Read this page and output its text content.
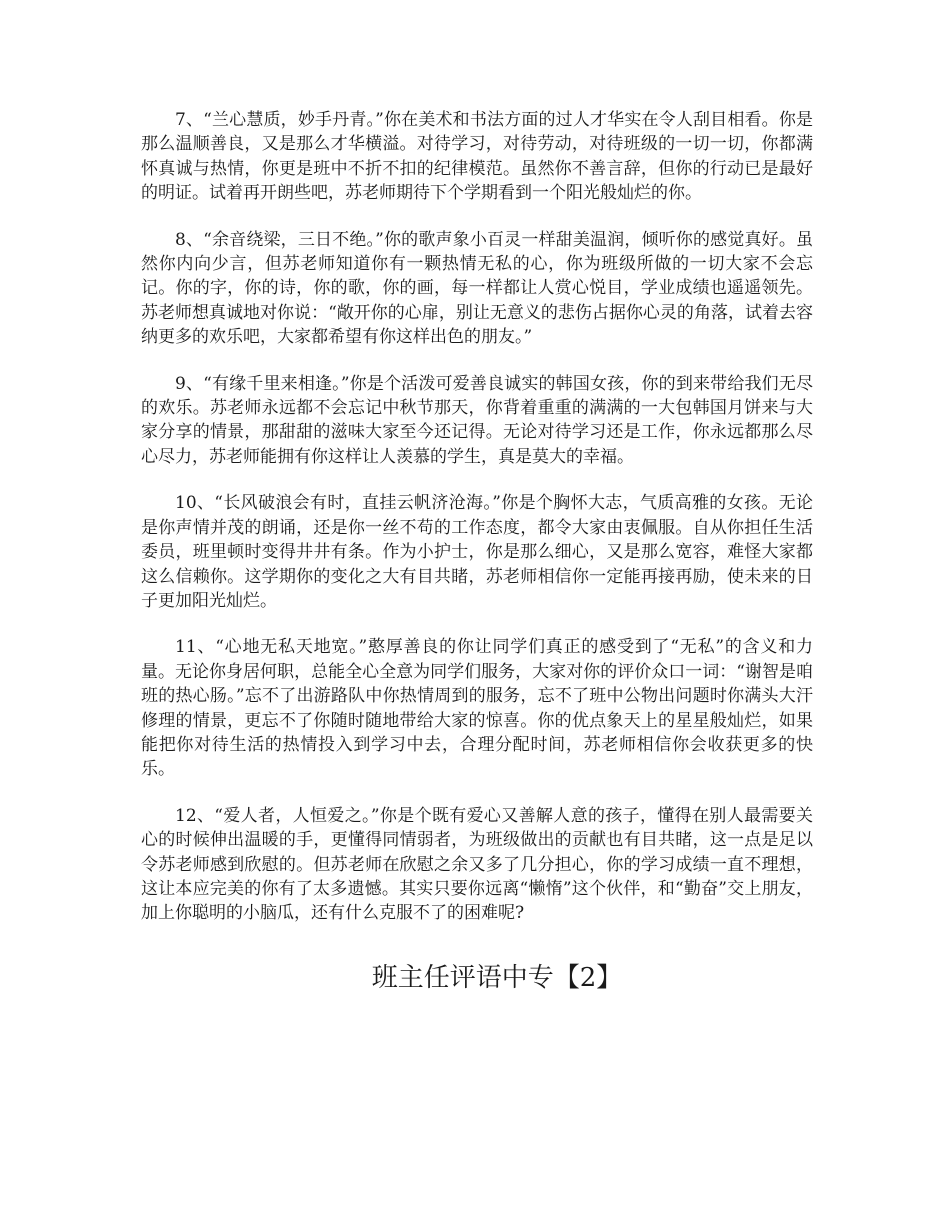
7、“兰心慧质，妙手丹青。”你在美术和书法方面的过人才华实在令人刮目相看。你是那么温顺善良，又是那么才华横溢。对待学习，对待劳动，对待班级的一切一切，你都满怀真诚与热情，你更是班中不折不扣的纪律模范。虽然你不善言辞，但你的行动已是最好的明证。试着再开朗些吧，苏老师期待下个学期看到一个阳光般灿烂的你。

8、“余音绕梁，三日不绝。”你的歌声象小百灵一样甜美温润，倾听你的感觉真好。虽然你内向少言，但苏老师知道你有一颗热情无私的心，你为班级所做的一切大家不会忘记。你的字，你的诗，你的歌，你的画，每一样都让人赏心悦目，学业成绩也遥遥领先。苏老师想真诚地对你说：“敞开你的心扉，别让无意义的悲伤占据你心灵的角落，试着去容纳更多的欢乐吧，大家都希望有你这样出色的朋友。”

9、“有缘千里来相逢。”你是个活泼可爱善良诚实的韩国女孩，你的到来带给我们无尽的欢乐。苏老师永远都不会忘记中秋节那天，你背着重重的满满的一大包韩国月饼来与大家分享的情景，那甜甜的滋味大家至今还记得。无论对待学习还是工作，你永远都那么尽心尽力，苏老师能拥有你这样让人羡慕的学生，真是莫大的幸福。

10、“长风破浪会有时，直挂云帆济沧海。”你是个胸怀大志，气质高雅的女孩。无论是你声情并茂的朗诵，还是你一丝不苟的工作态度，都令大家由衷佩服。自从你担任生活委员，班里顿时变得井井有条。作为小护士，你是那么细心，又是那么宽容，难怪大家都这么信赖你。这学期你的变化之大有目共睹，苏老师相信你一定能再接再励，使未来的日子更加阳光灿烂。

11、“心地无私天地宽。”憨厚善良的你让同学们真正的感受到了“无私”的含义和力量。无论你身居何职，总能全心全意为同学们服务，大家对你的评价众口一词：“谢智是咱班的热心肠。”忘不了出游路队中你热情周到的服务，忘不了班中公物出问题时你满头大汗修理的情景，更忘不了你随时随地带给大家的惊喜。你的优点象天上的星星般灿烂，如果能把你对待生活的热情投入到学习中去，合理分配时间，苏老师相信你会收获更多的快乐。

12、“爱人者，人恒爱之。”你是个既有爱心又善解人意的孩子，懂得在别人最需要关心的时候伸出温暖的手，更懂得同情弱者，为班级做出的贡献也有目共睹，这一点是足以令苏老师感到欣慰的。但苏老师在欣慰之余又多了几分担心，你的学习成绩一直不理想，这让本应完美的你有了太多遗憾。其实只要你远离“懒惰”这个伙伴，和“勤奋”交上朋友，加上你聪明的小脑瓜，还有什么克服不了的困难呢?

班主任评语中专【2】
